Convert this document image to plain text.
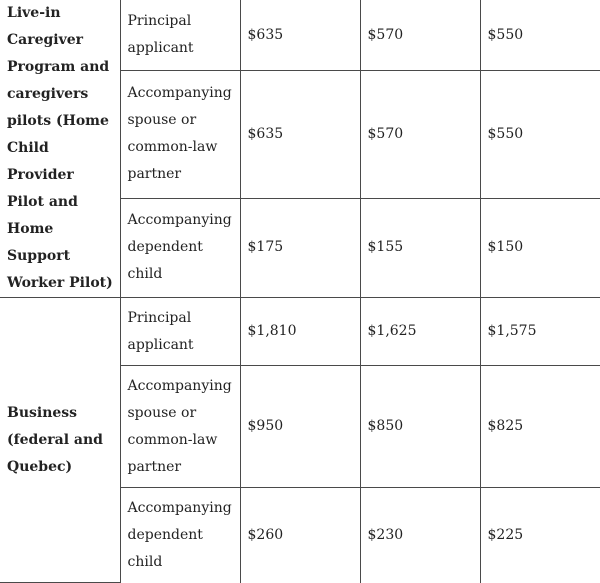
Live-in Caregiver Program and caregivers pilots (Home Child Provider Pilot and Home Support Worker Pilot)	Principal applicant	$635	$570	$550
	Accompanying spouse or common-law partner	$635	$570	$550
	Accompanying dependent child	$175	$155	$150
Business (federal and Quebec)	Principal applicant	$1,810	$1,625	$1,575
	Accompanying spouse or common-law partner	$950	$850	$825
	Accompanying dependent child	$260	$230	$225
